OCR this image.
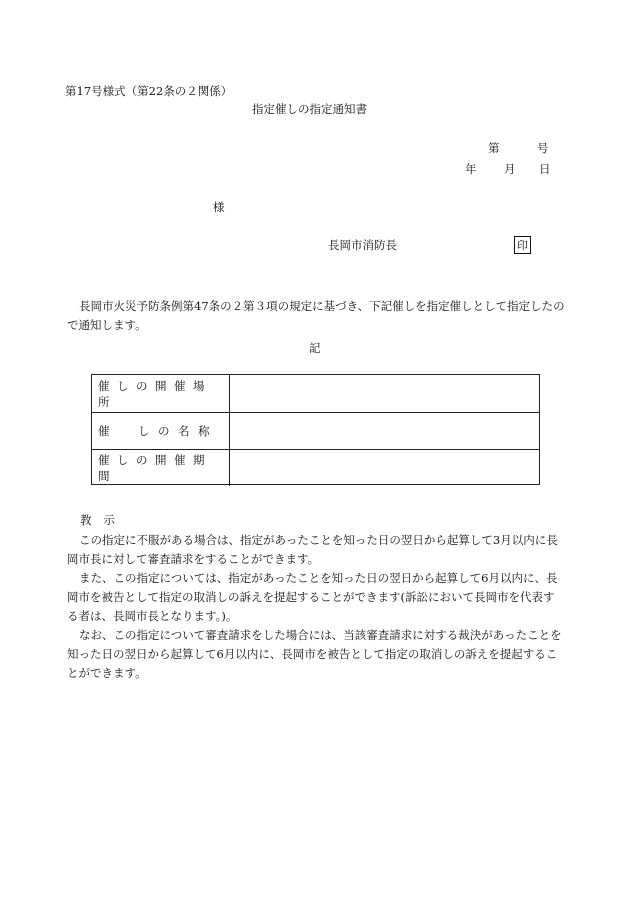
第17号様式（第22条の２関係）
指定催しの指定通知書
第	号
年 月 日
様
長岡市消防長	印
長岡市火災予防条例第47条の２第３項の規定に基づき、下記催しを指定催しとして指定したので通知します。
記
催しの開催場所
催　しの名称
催しの開催期間
教示

この指定に不服がある場合は、指定があったことを知った日の翌日から起算して3月以内に長岡市長に対して審査請求をすることができます。

また、この指定については、指定があったことを知った日の翌日から起算して6月以内に、長岡市を被告として指定の取消しの訴えを提起することができます(訴訟において長岡市を代表する者は、長岡市長となります。)。

なお、この指定について審査請求をした場合には、当該審査請求に対する裁決があったことを知った日の翌日から起算して6月以内に、長岡市を被告として指定の取消しの訴えを提起することができます。
